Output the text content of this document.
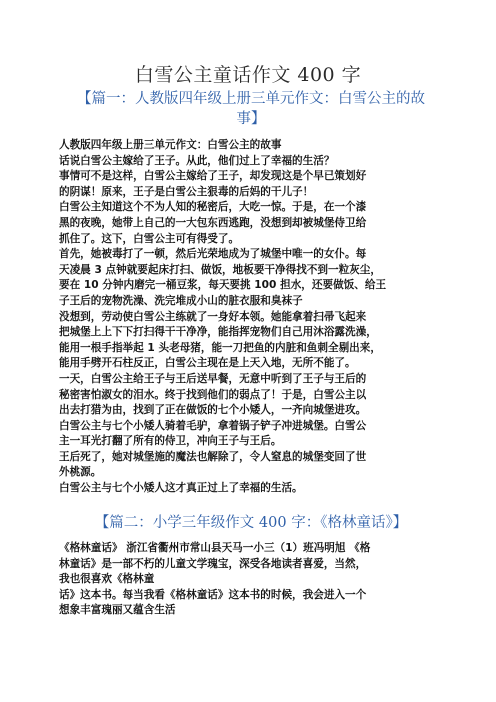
白雪公主童话作文 400 字
【篇一：人教版四年级上册三单元作文：白雪公主的故
事】

人教版四年级上册三单元作文：白雪公主的故事

话说白雪公主嫁给了王子。从此，他们过上了幸福的生活？

事情可不是这样，白雪公主嫁给了王子，却发现这是个早已策划好

的阴谋！原来，王子是白雪公主狠毒的后妈的干儿子！

白雪公主知道这个不为人知的秘密后，大吃一惊。于是，在一个漆

黑的夜晚，她带上自己的一大包东西逃跑，没想到却被城堡侍卫给

抓住了。这下，白雪公主可有得受了。

首先，她被毒打了一顿，然后光荣地成为了城堡中唯一的女仆。每

天凌晨 3 点钟就要起床打扫、做饭，地板要干净得找不到一粒灰尘，

要在 10 分钟内磨完一桶豆浆，每天要挑 100 担水，还要做饭、给王

子王后的宠物洗澡、洗完堆成小山的脏衣服和臭袜子

没想到，劳动使白雪公主练就了一身好本领。她能拿着扫帚飞起来

把城堡上上下下打扫得干干净净，能指挥宠物们自己用沐浴露洗澡，

能用一根手指举起 1 头老母猪，能一刀把鱼的内脏和鱼刺全剔出来，

能用手劈开石柱反正，白雪公主现在是上天入地，无所不能了。

一天，白雪公主给王子与王后送早餐，无意中听到了王子与王后的

秘密害怕淑女的泪水。终于找到他们的弱点了！于是，白雪公主以

出去打猎为由，找到了正在做饭的七个小矮人，一齐向城堡进攻。

白雪公主与七个小矮人骑着毛驴，拿着锅子铲子冲进城堡。白雪公

主一耳光打翻了所有的侍卫，冲向王子与王后。

王后死了，她对城堡施的魔法也解除了，令人窒息的城堡变回了世

外桃源。

白雪公主与七个小矮人这才真正过上了幸福的生活。

【篇二：小学三年级作文 400 字：《格林童话》】

《格林童话》 浙江省衢州市常山县天马一小三（1）班冯明旭 《格

林童话》是一部不朽的儿童文学瑰宝，深受各地读者喜爱，当然，

我也很喜欢《格林童

话》这本书。每当我看《格林童话》这本书的时候，我会进入一个

想象丰富瑰丽又蕴含生活
